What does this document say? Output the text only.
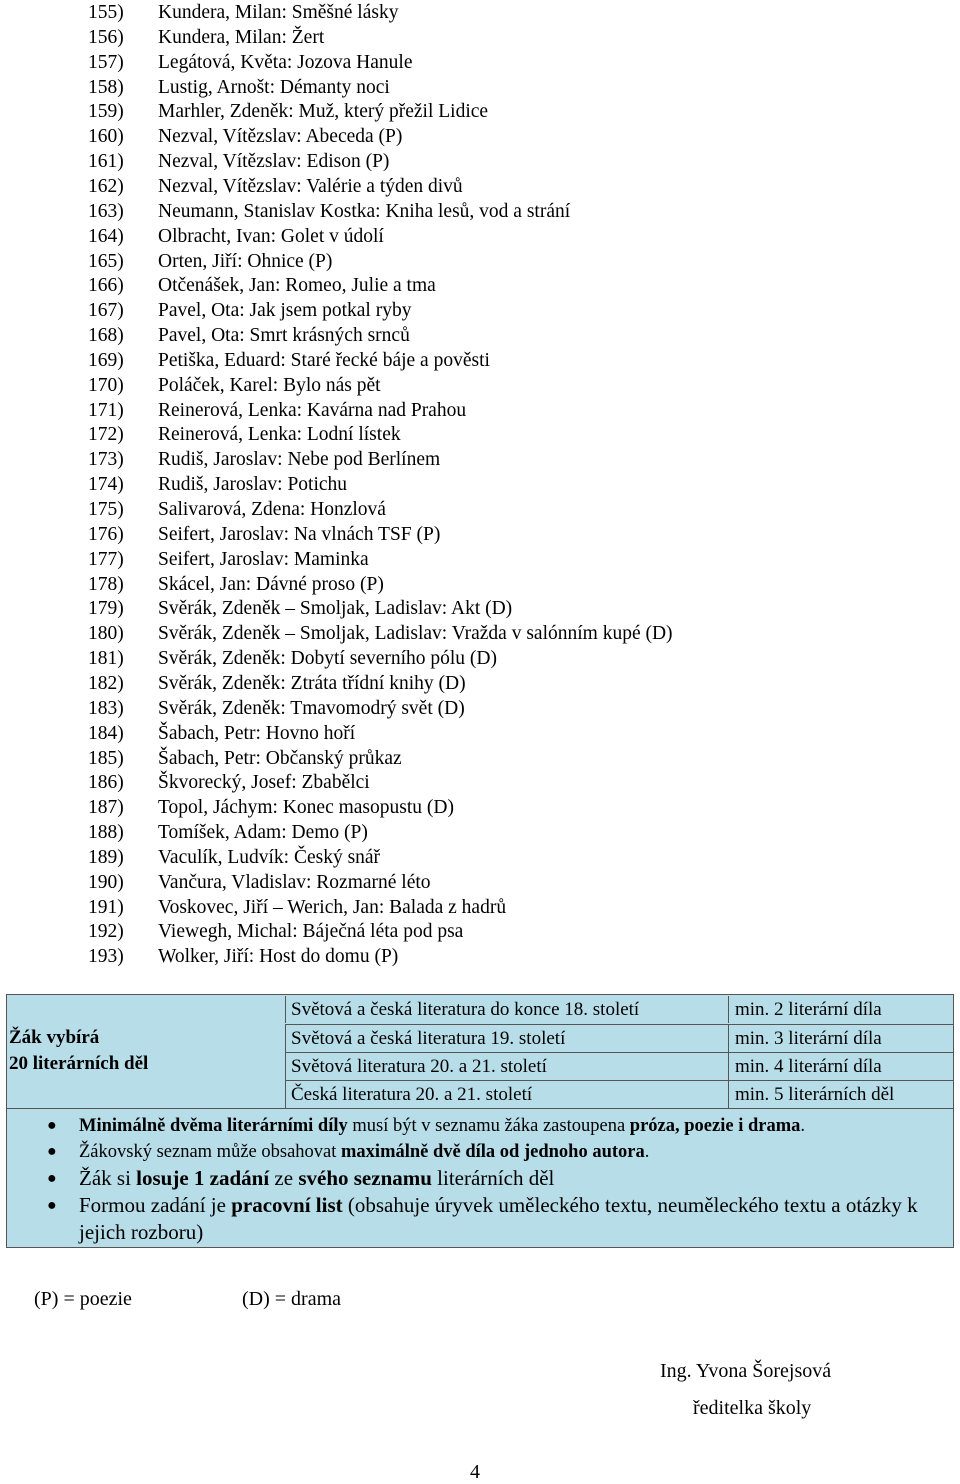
155)	Kundera, Milan: Směšné lásky
156)	Kundera, Milan: Žert
157)	Legátová, Květa: Jozova Hanule
158)	Lustig, Arnošt: Démanty noci
159)	Marhler, Zdeněk: Muž, který přežil Lidice
160)	Nezval, Vítězslav: Abeceda (P)
161)	Nezval, Vítězslav: Edison (P)
162)	Nezval, Vítězslav: Valérie a týden divů
163)	Neumann, Stanislav Kostka: Kniha lesů, vod a strání
164)	Olbracht, Ivan: Golet v údolí
165)	Orten, Jiří: Ohnice (P)
166)	Otčenášek, Jan: Romeo, Julie a tma
167)	Pavel, Ota: Jak jsem potkal ryby
168)	Pavel, Ota: Smrt krásných srnců
169)	Petiška, Eduard: Staré řecké báje a pověsti
170)	Poláček, Karel: Bylo nás pět
171)	Reinerová, Lenka: Kavárna nad Prahou
172)	Reinerová, Lenka: Lodní lístek
173)	Rudiš, Jaroslav: Nebe pod Berlínem
174)	Rudiš, Jaroslav: Potichu
175)	Salivarová, Zdena: Honzlová
176)	Seifert, Jaroslav: Na vlnách TSF (P)
177)	Seifert, Jaroslav: Maminka
178)	Skácel, Jan: Dávné proso (P)
179)	Svěrák, Zdeněk – Smoljak, Ladislav: Akt (D)
180)	Svěrák, Zdeněk – Smoljak, Ladislav: Vražda v salónním kupé (D)
181)	Svěrák, Zdeněk: Dobytí severního pólu (D)
182)	Svěrák, Zdeněk: Ztráta třídní knihy (D)
183)	Svěrák, Zdeněk: Tmavomodrý svět (D)
184)	Šabach, Petr: Hovno hoří
185)	Šabach, Petr: Občanský průkaz
186)	Škvorecký, Josef: Zbabělci
187)	Topol, Jáchym: Konec masopustu (D)
188)	Tomíšek, Adam: Demo (P)
189)	Vaculík, Ludvík: Český snář
190)	Vančura, Vladislav: Rozmarné léto
191)	Voskovec, Jiří – Werich, Jan: Balada z hadrů
192)	Viewegh, Michal: Báječná léta pod psa
193)	Wolker, Jiří: Host do domu (P)
Žák vybírá
20 literárních děl
Světová a česká literatura do konce 18. století	min. 2 literární díla
Světová a česká literatura 19. století	min. 3 literární díla
Světová literatura 20. a 21. století	min. 4 literární díla
Česká literatura 20. a 21. století	min. 5 literárních děl
● Minimálně dvěma literárními díly musí být v seznamu žáka zastoupena próza, poezie i drama.
● Žákovský seznam může obsahovat maximálně dvě díla od jednoho autora.
● Žák si losuje 1 zadání ze svého seznamu literárních děl
● Formou zadání je pracovní list (obsahuje úryvek uměleckého textu, neuměleckého textu a otázky k jejich rozboru)
(P) = poezie	(D) = drama
Ing. Yvona Šorejsová
ředitelka školy
4
